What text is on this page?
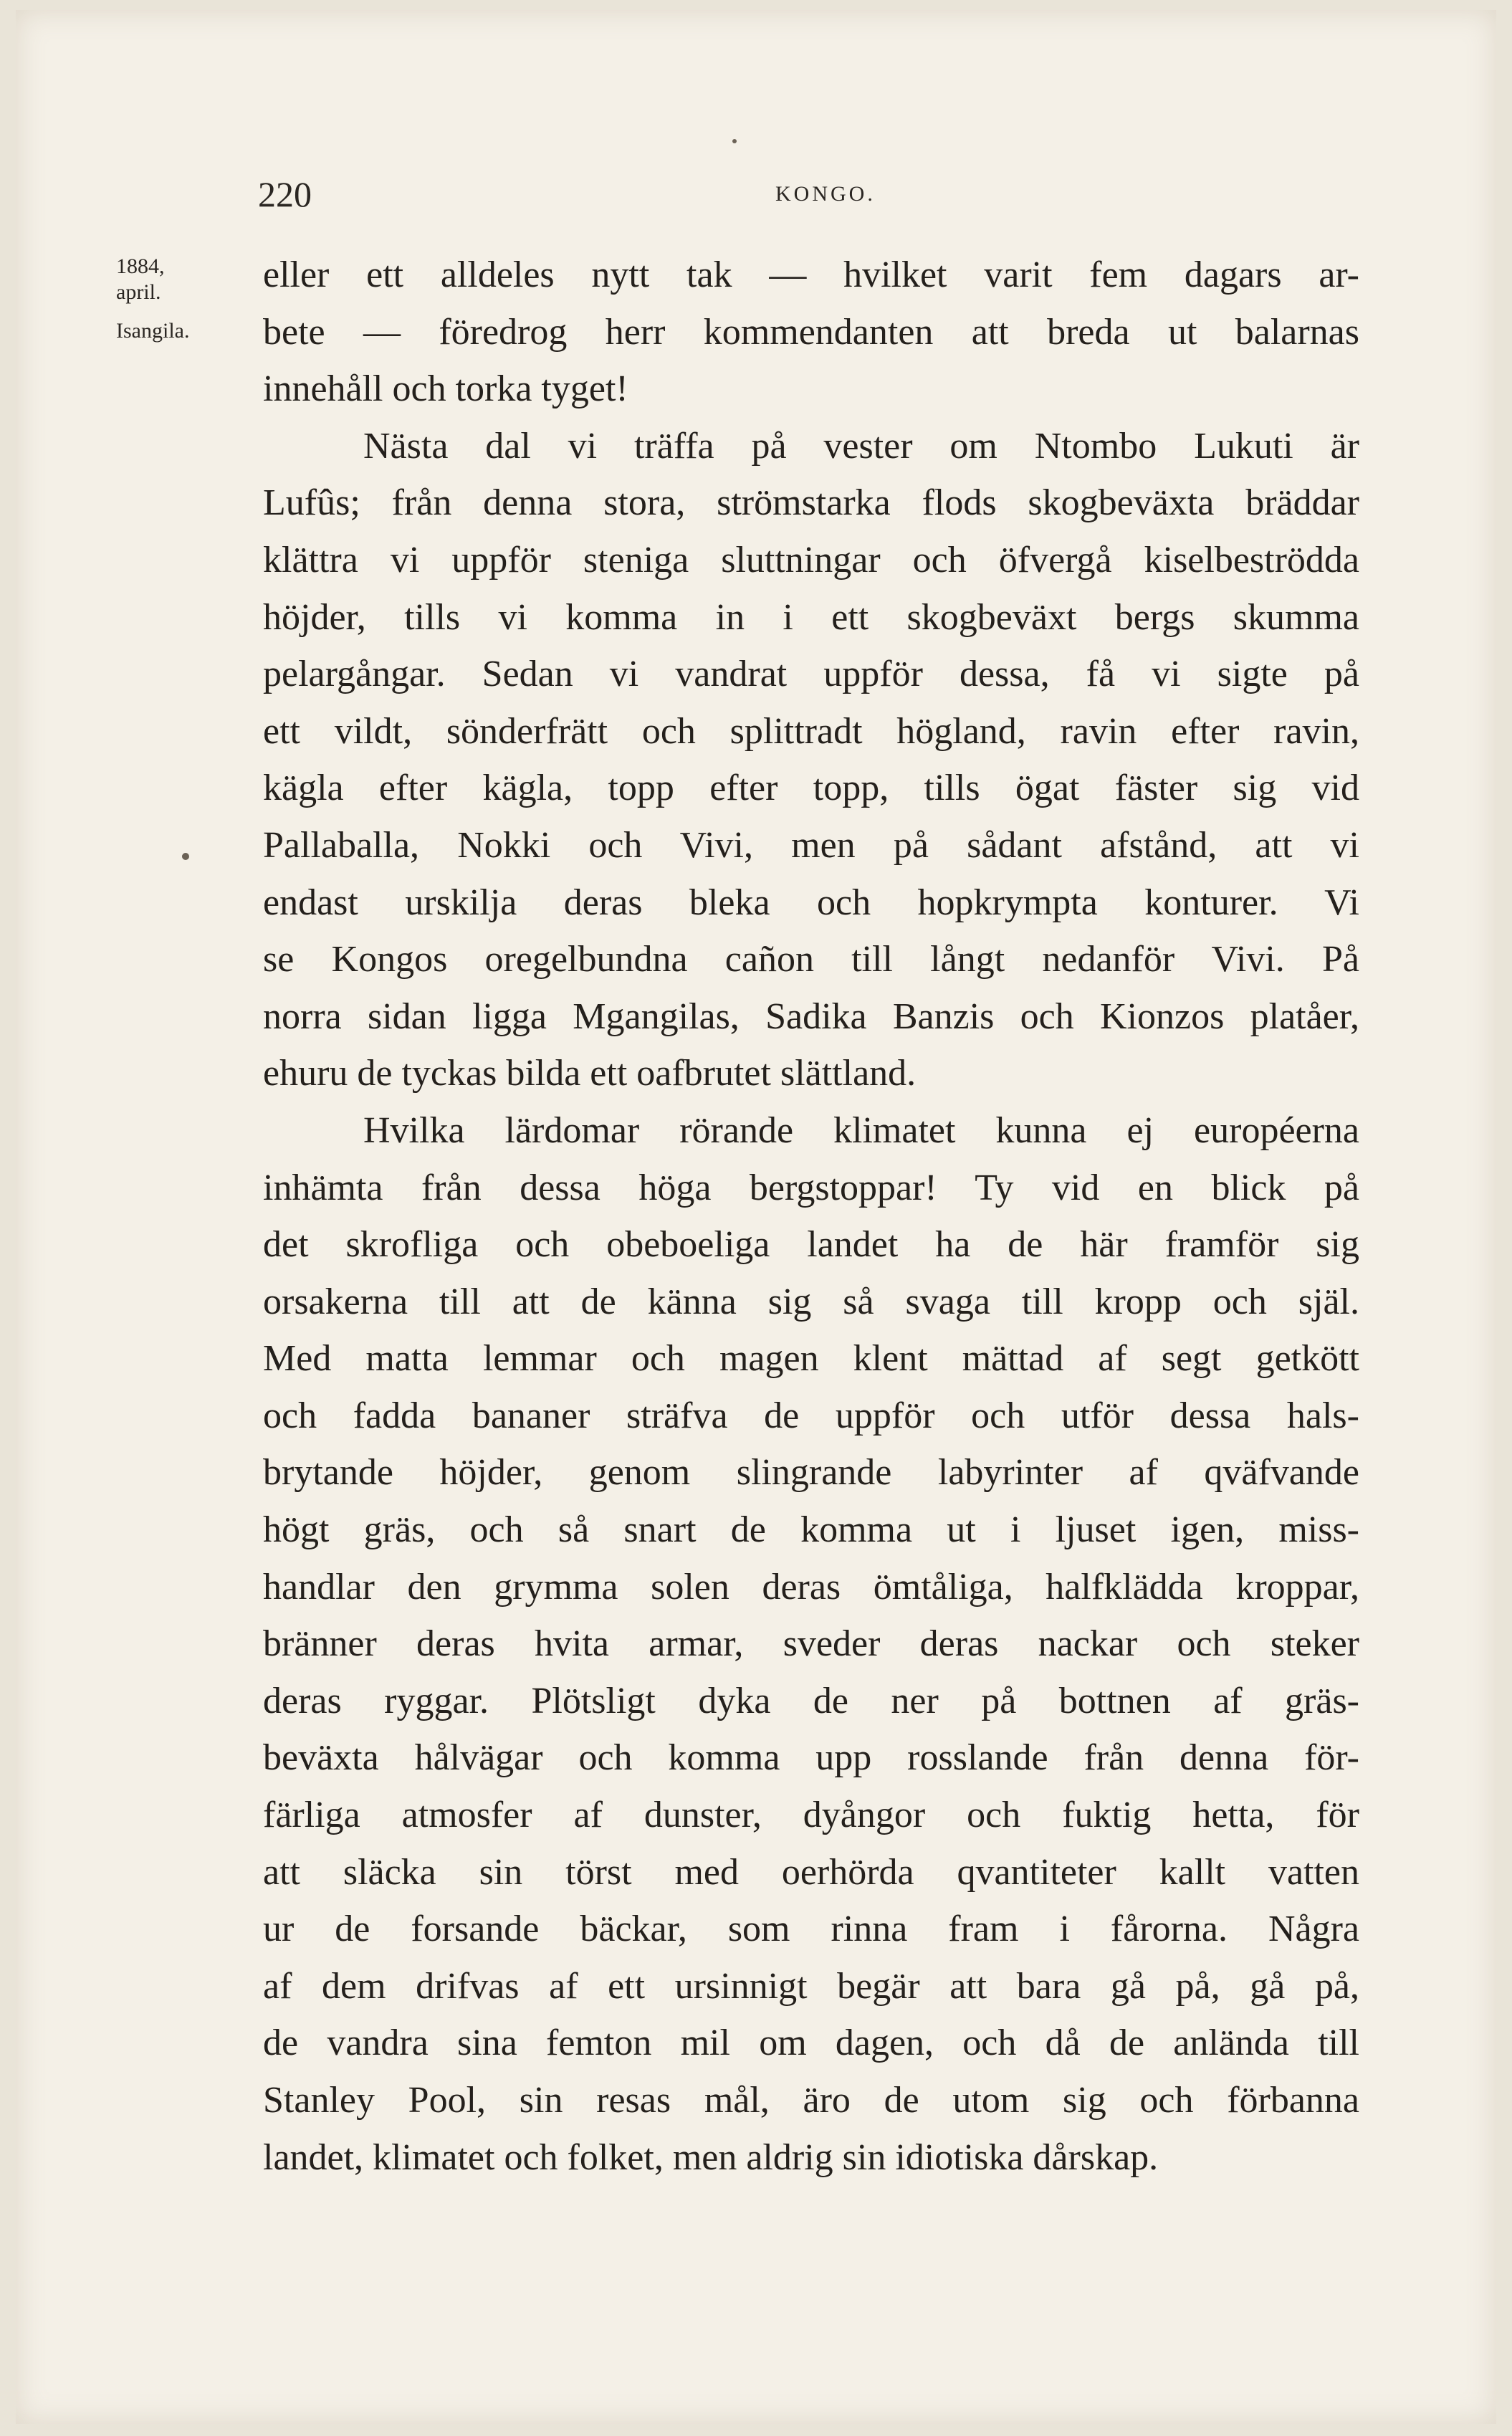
220	KONGO.
1884,
april.
Isangila.
eller ett alldeles nytt tak — hvilket varit fem dagars ar-
bete — föredrog herr kommendanten att breda ut balarnas
innehåll och torka tyget!
Nästa dal vi träffa på vester om Ntombo Lukuti är
Lufûs; från denna stora, strömstarka flods skogbeväxta bräddar
klättra vi uppför steniga sluttningar och öfvergå kiselbeströdda
höjder, tills vi komma in i ett skogbeväxt bergs skumma
pelargångar. Sedan vi vandrat uppför dessa, få vi sigte på
ett vildt, sönderfrätt och splittradt högland, ravin efter ravin,
kägla efter kägla, topp efter topp, tills ögat fäster sig vid
Pallaballa, Nokki och Vivi, men på sådant afstånd, att vi
endast urskilja deras bleka och hopkrympta konturer. Vi
se Kongos oregelbundna cañon till långt nedanför Vivi. På
norra sidan ligga Mgangilas, Sadika Banzis och Kionzos platåer,
ehuru de tyckas bilda ett oafbrutet slättland.
Hvilka lärdomar rörande klimatet kunna ej européerna
inhämta från dessa höga bergstoppar! Ty vid en blick på
det skrofliga och obeboeliga landet ha de här framför sig
orsakerna till att de känna sig så svaga till kropp och själ.
Med matta lemmar och magen klent mättad af segt getkött
och fadda bananer sträfva de uppför och utför dessa hals-
brytande höjder, genom slingrande labyrinter af qväfvande
högt gräs, och så snart de komma ut i ljuset igen, miss-
handlar den grymma solen deras ömtåliga, halfklädda kroppar,
bränner deras hvita armar, sveder deras nackar och steker
deras ryggar. Plötsligt dyka de ner på bottnen af gräs-
beväxta hålvägar och komma upp rosslande från denna för-
färliga atmosfer af dunster, dyångor och fuktig hetta, för
att släcka sin törst med oerhörda qvantiteter kallt vatten
ur de forsande bäckar, som rinna fram i fårorna. Några
af dem drifvas af ett ursinnigt begär att bara gå på, gå på,
de vandra sina femton mil om dagen, och då de anlända till
Stanley Pool, sin resas mål, äro de utom sig och förbanna
landet, klimatet och folket, men aldrig sin idiotiska dårskap.
